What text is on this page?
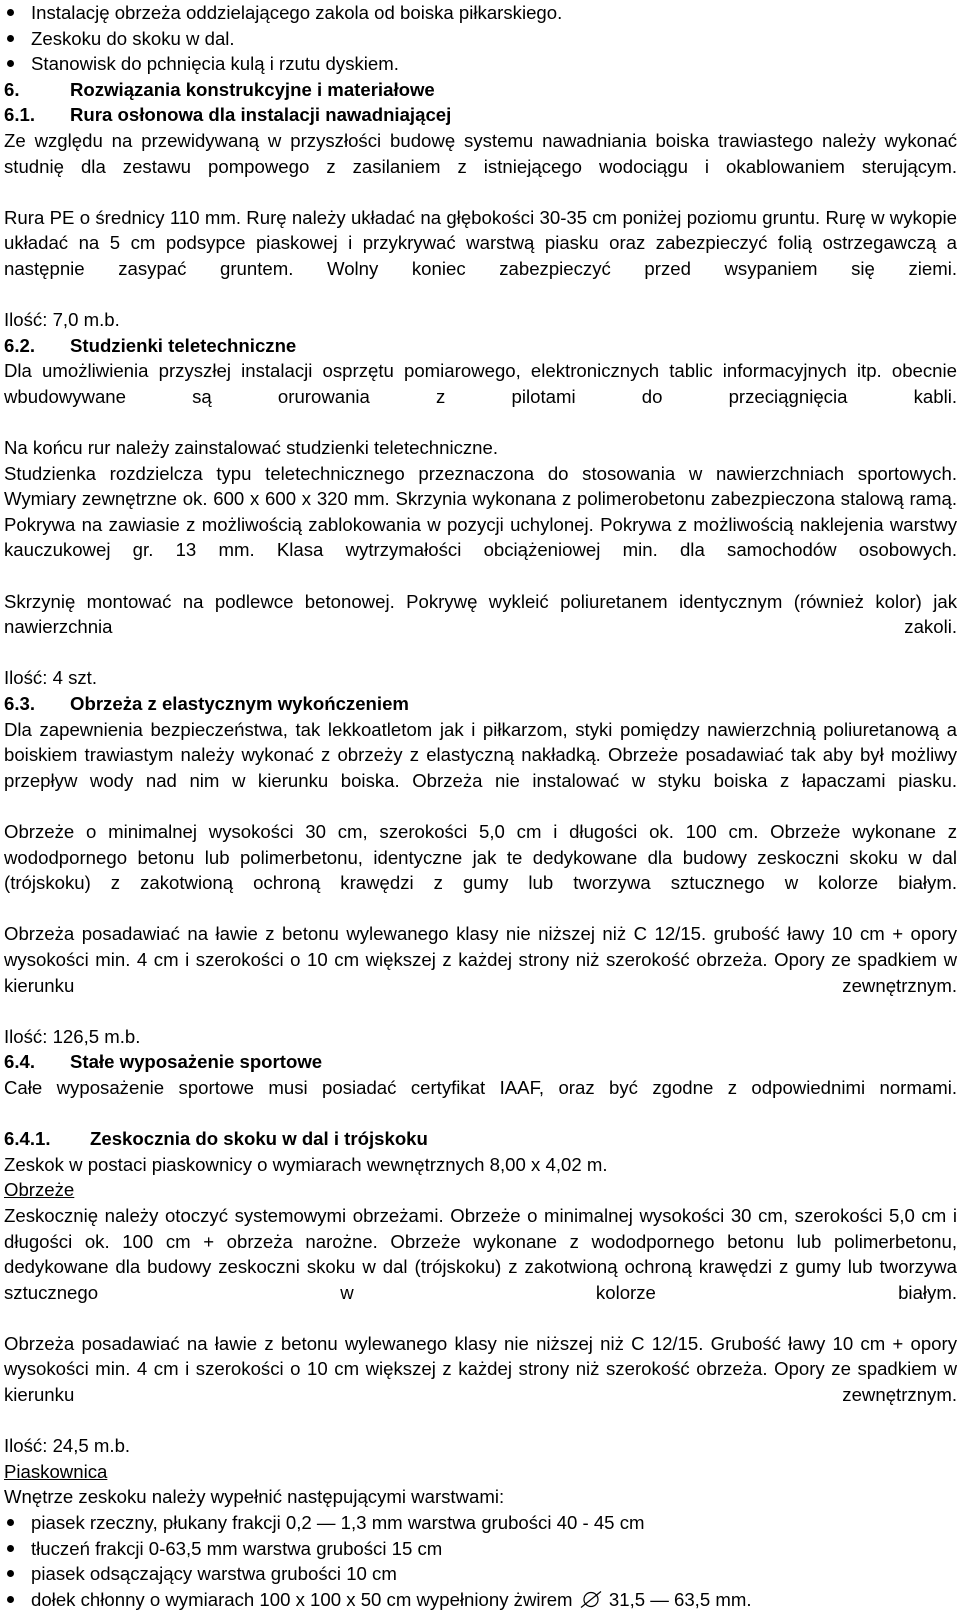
Instalację obrzeża oddzielającego zakola od boiska piłkarskiego.
Zeskoku do skoku w dal.
Stanowisk do pchnięcia kulą i rzutu dyskiem.

6.	Rozwiązania konstrukcyjne i materiałowe

6.1. Rura osłonowa dla instalacji nawadniającej

Ze względu na przewidywaną w przyszłości budowę systemu nawadniania boiska trawiastego należy wykonać studnię dla zestawu pompowego z zasilaniem z istniejącego wodociągu i okablowaniem sterującym.

Rura PE o średnicy 110 mm. Rurę należy układać na głębokości 30-35 cm poniżej poziomu gruntu. Rurę w wykopie układać na 5 cm podsypce piaskowej i przykrywać warstwą piasku oraz zabezpieczyć folią ostrzegawczą a następnie zasypać gruntem. Wolny koniec zabezpieczyć przed wsypaniem się ziemi.

Ilość: 7,0 m.b.

6.2. Studzienki teletechniczne

Dla umożliwienia przyszłej instalacji osprzętu pomiarowego, elektronicznych tablic informacyjnych itp. obecnie wbudowywane są orurowania z pilotami do przeciągnięcia kabli.

Na końcu rur należy zainstalować studzienki teletechniczne.

Studzienka rozdzielcza typu teletechnicznego przeznaczona do stosowania w nawierzchniach sportowych. Wymiary zewnętrzne ok. 600 x 600 x 320 mm. Skrzynia wykonana z polimerobetonu zabezpieczona stalową ramą. Pokrywa na zawiasie z możliwością zablokowania w pozycji uchylonej. Pokrywa z możliwością naklejenia warstwy kauczukowej gr. 13 mm. Klasa wytrzymałości obciążeniowej min. dla samochodów osobowych.

Skrzynię montować na podlewce betonowej. Pokrywę wykleić poliuretanem identycznym (również kolor) jak nawierzchnia zakoli.

Ilość: 4 szt.

6.3. Obrzeża z elastycznym wykończeniem

Dla zapewnienia bezpieczeństwa, tak lekkoatletom jak i piłkarzom, styki pomiędzy nawierzchnią poliuretanową a boiskiem trawiastym należy wykonać z obrzeży z elastyczną nakładką. Obrzeże posadawiać tak aby był możliwy przepływ wody nad nim w kierunku boiska. Obrzeża nie instalować w styku boiska z łapaczami piasku.

Obrzeże o minimalnej wysokości 30 cm, szerokości 5,0 cm i długości ok. 100 cm. Obrzeże wykonane z wododpornego betonu lub polimerbetonu, identyczne jak te dedykowane dla budowy zeskoczni skoku w dal (trójskoku) z zakotwioną ochroną krawędzi z gumy lub tworzywa sztucznego w kolorze białym.

Obrzeża posadawiać na ławie z betonu wylewanego klasy nie niższej niż C 12/15. grubość ławy 10 cm + opory wysokości min. 4 cm i szerokości o 10 cm większej z każdej strony niż szerokość obrzeża. Opory ze spadkiem w kierunku zewnętrznym.

Ilość: 126,5 m.b.

6.4. Stałe wyposażenie sportowe

Całe wyposażenie sportowe musi posiadać certyfikat IAAF, oraz być zgodne z odpowiednimi normami.

6.4.1. Zeskocznia do skoku w dal i trójskoku

Zeskok w postaci piaskownicy o wymiarach wewnętrznych 8,00 x 4,02 m.

Obrzeże

Zeskocznię należy otoczyć systemowymi obrzeżami. Obrzeże o minimalnej wysokości 30 cm, szerokości 5,0 cm i długości ok. 100 cm + obrzeża narożne. Obrzeże wykonane z wododpornego betonu lub polimerbetonu, dedykowane dla budowy zeskoczni skoku w dal (trójskoku) z zakotwioną ochroną krawędzi z gumy lub tworzywa sztucznego w kolorze białym.

Obrzeża posadawiać na ławie z betonu wylewanego klasy nie niższej niż C 12/15. Grubość ławy 10 cm + opory wysokości min. 4 cm i szerokości o 10 cm większej z każdej strony niż szerokość obrzeża. Opory ze spadkiem w kierunku zewnętrznym.

Ilość: 24,5 m.b.

Piaskownica

Wnętrze zeskoku należy wypełnić następującymi warstwami:

piasek rzeczny, płukany frakcji 0,2 — 1,3 mm warstwa grubości 40 - 45 cm
tłuczeń frakcji 0-63,5 mm warstwa grubości 15 cm
piasek odsączający warstwa grubości 10 cm
dołek chłonny o wymiarach 100 x 100 x 50 cm wypełniony żwirem 31,5 — 63,5 mm.
